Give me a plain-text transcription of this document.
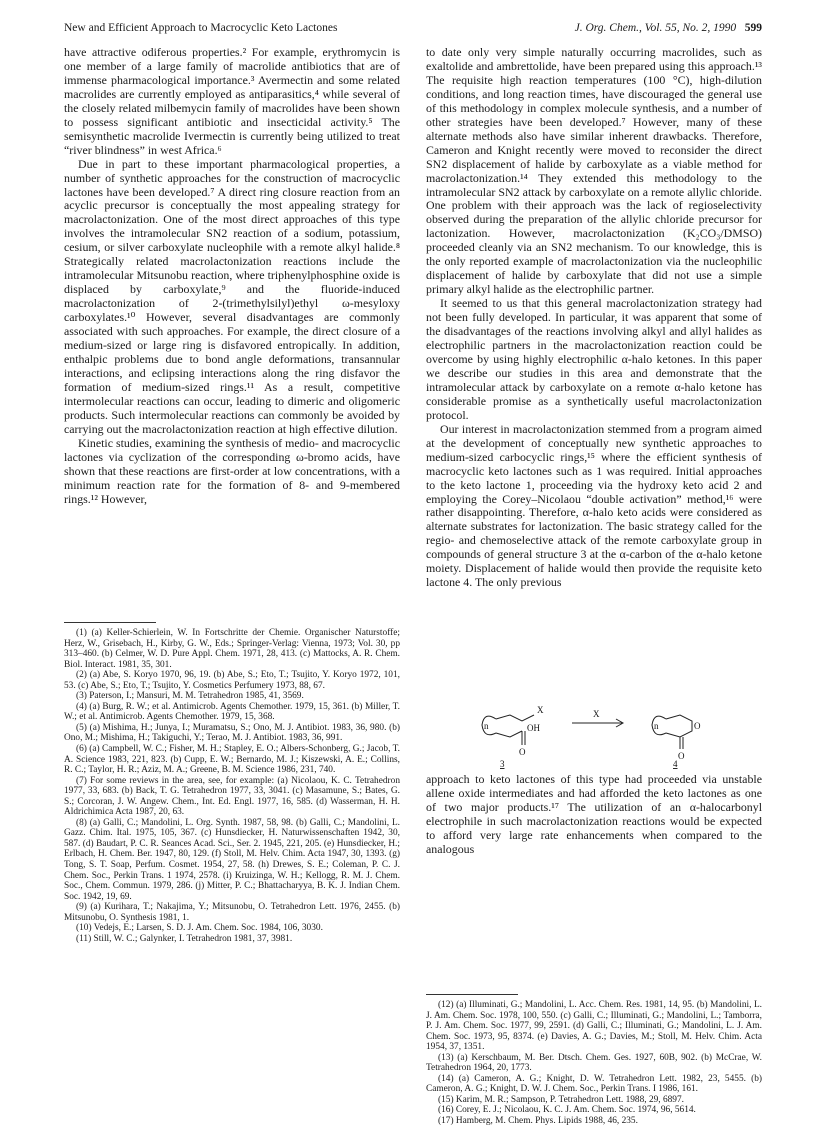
New and Efficient Approach to Macrocyclic Keto Lactones	J. Org. Chem., Vol. 55, No. 2, 1990 599

have attractive odiferous properties.² For example, erythromycin is one member of a large family of macrolide antibiotics that are of immense pharmacological importance.³ Avermectin and some related macrolides are currently employed as antiparasitics,⁴ while several of the closely related milbemycin family of macrolides have been shown to possess significant antibiotic and insecticidal activity.⁵ The semisynthetic macrolide Ivermectin is currently being utilized to treat “river blindness” in west Africa.⁶

Due in part to these important pharmacological properties, a number of synthetic approaches for the construction of macrocyclic lactones have been developed.⁷ A direct ring closure reaction from an acyclic precursor is conceptually the most appealing strategy for macrolactonization. One of the most direct approaches of this type involves the intramolecular SN2 reaction of a sodium, potassium, cesium, or silver carboxylate nucleophile with a remote alkyl halide.⁸ Strategically related macrolactonization reactions include the intramolecular Mitsunobu reaction, where triphenylphosphine oxide is displaced by carboxylate,⁹ and the fluoride-induced macrolactonization of 2-(trimethylsilyl)ethyl ω-mesyloxy carboxylates.¹⁰ However, several disadvantages are commonly associated with such approaches. For example, the direct closure of a medium-sized or large ring is disfavored entropically. In addition, enthalpic problems due to bond angle deformations, transannular interactions, and eclipsing interactions along the ring disfavor the formation of medium-sized rings.¹¹ As a result, competitive intermolecular reactions can occur, leading to dimeric and oligomeric products. Such intermolecular reactions can commonly be avoided by carrying out the macrolactonization reaction at high effective dilution.

Kinetic studies, examining the synthesis of medio- and macrocyclic lactones via cyclization of the corresponding ω-bromo acids, have shown that these reactions are first-order at low concentrations, with a minimum reaction rate for the formation of 8- and 9-membered rings.¹² However,

(1) (a) Keller-Schierlein, W. In Fortschritte der Chemie. Organischer Naturstoffe; Herz, W., Grisebach, H., Kirby, G. W., Eds.; Springer-Verlag: Vienna, 1973; Vol. 30, pp 313–460. (b) Celmer, W. D. Pure Appl. Chem. 1971, 28, 413. (c) Mattocks, A. R. Chem. Biol. Interact. 1981, 35, 301.

(2) (a) Abe, S. Koryo 1970, 96, 19. (b) Abe, S.; Eto, T.; Tsujito, Y. Koryo 1972, 101, 53. (c) Abe, S.; Eto, T.; Tsujito, Y. Cosmetics Perfumery 1973, 88, 67.

(3) Paterson, I.; Mansuri, M. M. Tetrahedron 1985, 41, 3569.

(4) (a) Burg, R. W.; et al. Antimicrob. Agents Chemother. 1979, 15, 361. (b) Miller, T. W.; et al. Antimicrob. Agents Chemother. 1979, 15, 368.

(5) (a) Mishima, H.; Junya, I.; Muramatsu, S.; Ono, M. J. Antibiot. 1983, 36, 980. (b) Ono, M.; Mishima, H.; Takiguchi, Y.; Terao, M. J. Antibiot. 1983, 36, 991.

(6) (a) Campbell, W. C.; Fisher, M. H.; Stapley, E. O.; Albers-Schonberg, G.; Jacob, T. A. Science 1983, 221, 823. (b) Cupp, E. W.; Bernardo, M. J.; Kiszewski, A. E.; Collins, R. C.; Taylor, H. R.; Aziz, M. A.; Greene, B. M. Science 1986, 231, 740.

(7) For some reviews in the area, see, for example: (a) Nicolaou, K. C. Tetrahedron 1977, 33, 683. (b) Back, T. G. Tetrahedron 1977, 33, 3041. (c) Masamune, S.; Bates, G. S.; Corcoran, J. W. Angew. Chem., Int. Ed. Engl. 1977, 16, 585. (d) Wasserman, H. H. Aldrichimica Acta 1987, 20, 63.

(8) (a) Galli, C.; Mandolini, L. Org. Synth. 1987, 58, 98. (b) Galli, C.; Mandolini, L. Gazz. Chim. Ital. 1975, 105, 367. (c) Hunsdiecker, H. Naturwissenschaften 1942, 30, 587. (d) Baudart, P. C. R. Seances Acad. Sci., Ser. 2. 1945, 221, 205. (e) Hunsdiecker, H.; Erlbach, H. Chem. Ber. 1947, 80, 129. (f) Stoll, M. Helv. Chim. Acta 1947, 30, 1393. (g) Tong, S. T. Soap, Perfum. Cosmet. 1954, 27, 58. (h) Drewes, S. E.; Coleman, P. C. J. Chem. Soc., Perkin Trans. 1 1974, 2578. (i) Kruizinga, W. H.; Kellogg, R. M. J. Chem. Soc., Chem. Commun. 1979, 286. (j) Mitter, P. C.; Bhattacharyya, B. K. J. Indian Chem. Soc. 1942, 19, 69.

(9) (a) Kurihara, T.; Nakajima, Y.; Mitsunobu, O. Tetrahedron Lett. 1976, 2455. (b) Mitsunobu, O. Synthesis 1981, 1.

(10) Vedejs, E.; Larsen, S. D. J. Am. Chem. Soc. 1984, 106, 3030.

(11) Still, W. C.; Galynker, I. Tetrahedron 1981, 37, 3981.

to date only very simple naturally occurring macrolides, such as exaltolide and ambrettolide, have been prepared using this approach.¹³ The requisite high reaction temperatures (100 °C), high-dilution conditions, and long reaction times, have discouraged the general use of this methodology in complex molecule synthesis, and a number of other strategies have been developed.⁷ However, many of these alternate methods also have similar inherent drawbacks. Therefore, Cameron and Knight recently were moved to reconsider the direct SN2 displacement of halide by carboxylate as a viable method for macrolactonization.¹⁴ They extended this methodology to the intramolecular SN2 attack by carboxylate on a remote allylic chloride. One problem with their approach was the lack of regioselectivity observed during the preparation of the allylic chloride precursor for lactonization. However, macrolactonization (K₂CO₃/DMSO) proceeded cleanly via an SN2 mechanism. To our knowledge, this is the only reported example of macrolactonization via the nucleophilic displacement of halide by carboxylate that did not use a simple primary alkyl halide as the electrophilic partner.

It seemed to us that this general macrolactonization strategy had not been fully developed. In particular, it was apparent that some of the disadvantages of the reactions involving alkyl and allyl halides as electrophilic partners in the macrolactonization reaction could be overcome by using highly electrophilic α-halo ketones. In this paper we describe our studies in this area and demonstrate that the intramolecular attack by carboxylate on a remote α-halo ketone has considerable promise as a synthetically useful macrolactonization protocol.

Our interest in macrolactonization stemmed from a program aimed at the development of conceptually new synthetic approaches to medium-sized carbocyclic rings,¹⁵ where the efficient synthesis of macrocyclic keto lactones such as 1 was required. Initial approaches to the keto lactone 1, proceeding via the hydroxy keto acid 2 and employing the Corey–Nicolaou “double activation” method,¹⁶ were rather disappointing. Therefore, α-halo keto acids were considered as alternate substrates for lactonization. The basic strategy called for the regio- and chemoselective attack of the remote carboxylate group in compounds of general structure 3 at the α-carbon of the α-halo ketone moiety. Displacement of halide would then provide the requisite keto lactone 4. The only previous

n
X
OH
O
X
n	O
O
3	4

approach to keto lactones of this type had proceeded via unstable allene oxide intermediates and had afforded the keto lactones as one of two major products.¹⁷ The utilization of an α-halocarbonyl electrophile in such macrolactonization reactions would be expected to afford very large rate enhancements when compared to the analogous

(12) (a) Illuminati, G.; Mandolini, L. Acc. Chem. Res. 1981, 14, 95. (b) Mandolini, L. J. Am. Chem. Soc. 1978, 100, 550. (c) Galli, C.; Illuminati, G.; Mandolini, L.; Tamborra, P. J. Am. Chem. Soc. 1977, 99, 2591. (d) Galli, C.; Illuminati, G.; Mandolini, L. J. Am. Chem. Soc. 1973, 95, 8374. (e) Davies, A. G.; Davies, M.; Stoll, M. Helv. Chim. Acta 1954, 37, 1351.

(13) (a) Kerschbaum, M. Ber. Dtsch. Chem. Ges. 1927, 60B, 902. (b) McCrae, W. Tetrahedron 1964, 20, 1773.

(14) (a) Cameron, A. G.; Knight, D. W. Tetrahedron Lett. 1982, 23, 5455. (b) Cameron, A. G.; Knight, D. W. J. Chem. Soc., Perkin Trans. I 1986, 161.

(15) Karim, M. R.; Sampson, P. Tetrahedron Lett. 1988, 29, 6897.

(16) Corey, E. J.; Nicolaou, K. C. J. Am. Chem. Soc. 1974, 96, 5614.

(17) Hamberg, M. Chem. Phys. Lipids 1988, 46, 235.
